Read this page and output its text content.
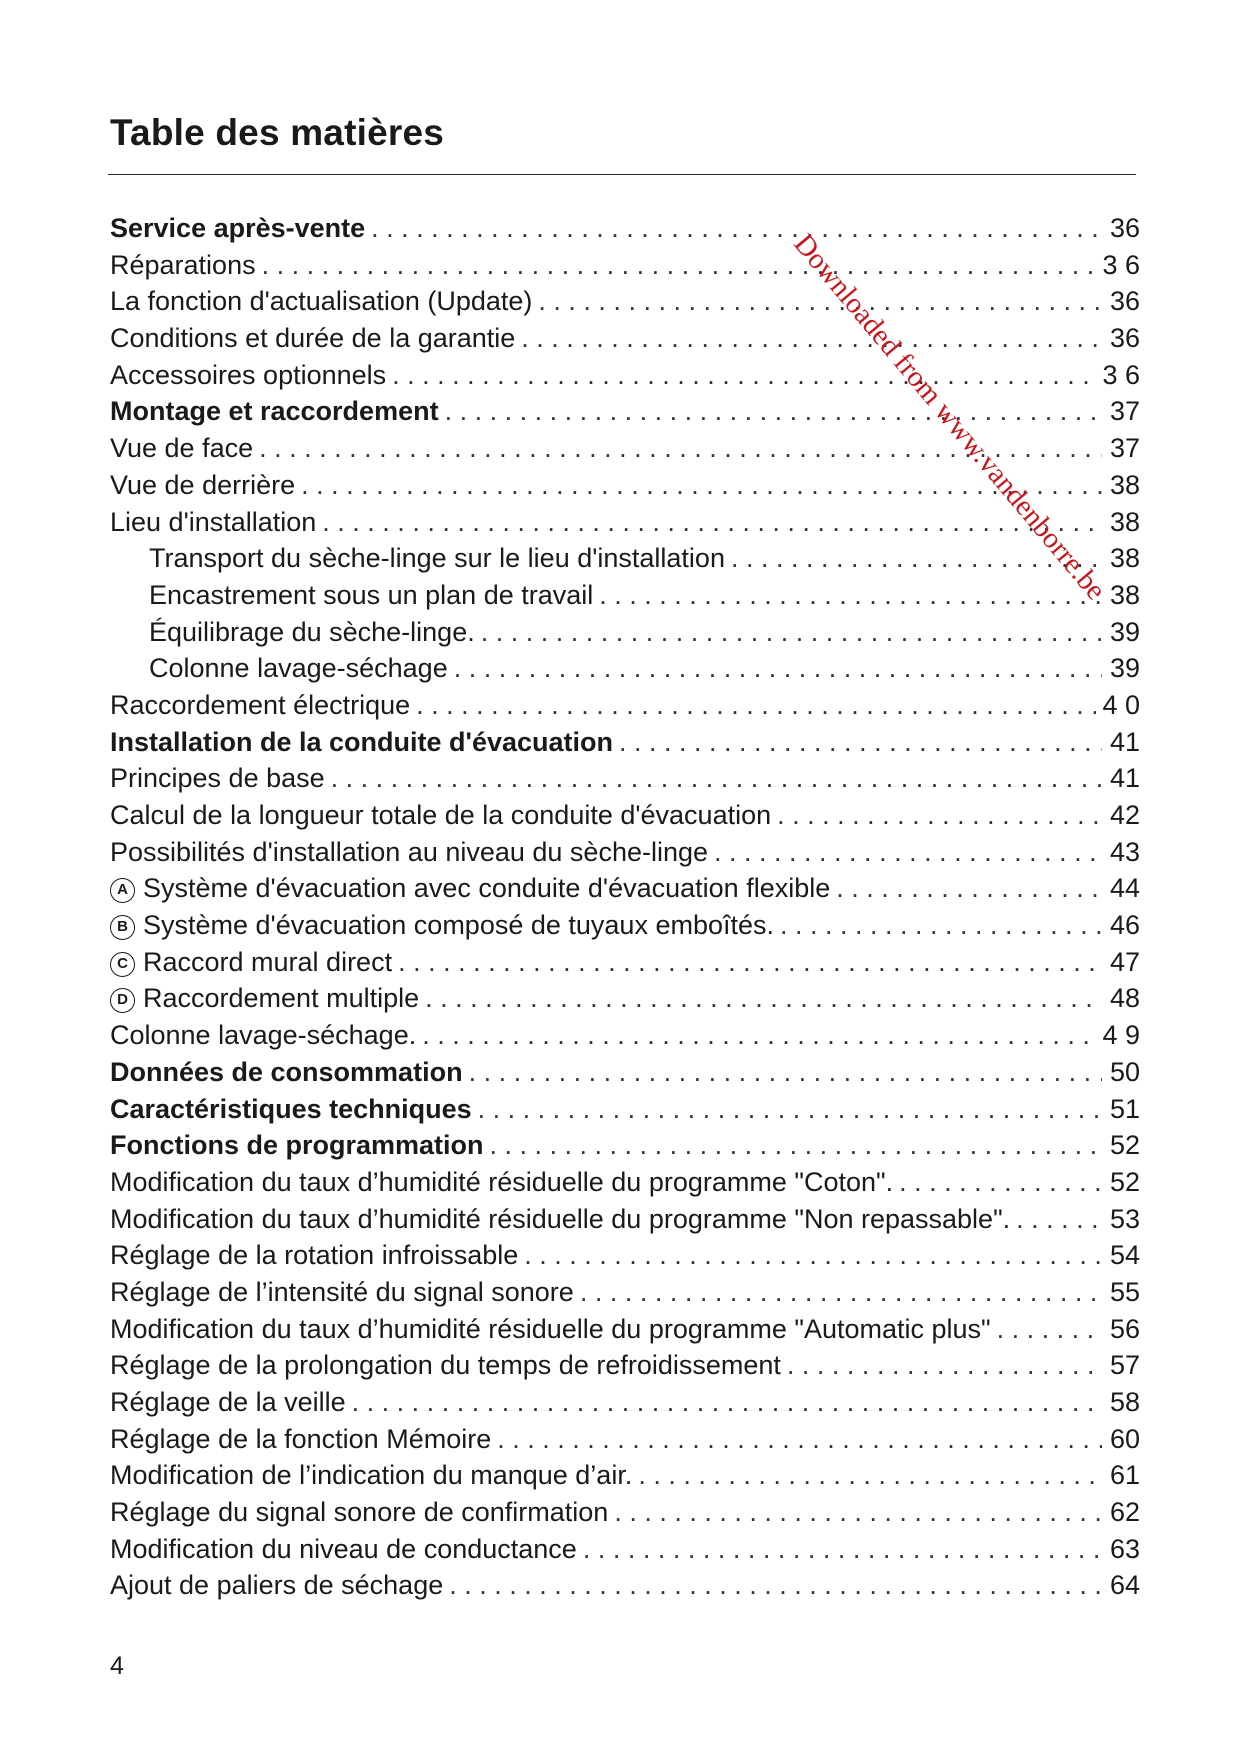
Table des matières
Service après-vente . . .	36
Réparations . . .	3 6
La fonction d'actualisation (Update) . . .	36
Conditions et durée de la garantie . . .	36
Accessoires optionnels . . .	3 6
Montage et raccordement . . .	37
Vue de face . . .	37
Vue de derrière . . .	38
Lieu d'installation . . .	38
Transport du sèche-linge sur le lieu d'installation . . .	38
Encastrement sous un plan de travail . . .	38
Équilibrage du sèche-linge. . . .	39
Colonne lavage-séchage . . .	39
Raccordement électrique . . .	4 0
Installation de la conduite d'évacuation . . .	41
Principes de base . . .	41
Calcul de la longueur totale de la conduite d'évacuation . . .	42
Possibilités d'installation au niveau du sèche-linge . . .	43
A Système d'évacuation avec conduite d'évacuation flexible . . .	44
B Système d'évacuation composé de tuyaux emboîtés. . . .	46
C Raccord mural direct . . .	47
D Raccordement multiple . . .	48
Colonne lavage-séchage. . . .	4 9
Données de consommation . . .	50
Caractéristiques techniques . . .	51
Fonctions de programmation . . .	52
Modification du taux d’humidité résiduelle du programme "Coton". . . .	52
Modification du taux d’humidité résiduelle du programme "Non repassable". . . .	53
Réglage de la rotation infroissable . . .	54
Réglage de l’intensité du signal sonore . . .	55
Modification du taux d’humidité résiduelle du programme "Automatic plus" . . .	56
Réglage de la prolongation du temps de refroidissement . . .	57
Réglage de la veille . . .	58
Réglage de la fonction Mémoire . . .	60
Modification de l’indication du manque d’air. . . .	61
Réglage du signal sonore de confirmation . . .	62
Modification du niveau de conductance . . .	63
Ajout de paliers de séchage . . .	64
4
Downloaded from www.vandenborre.be
